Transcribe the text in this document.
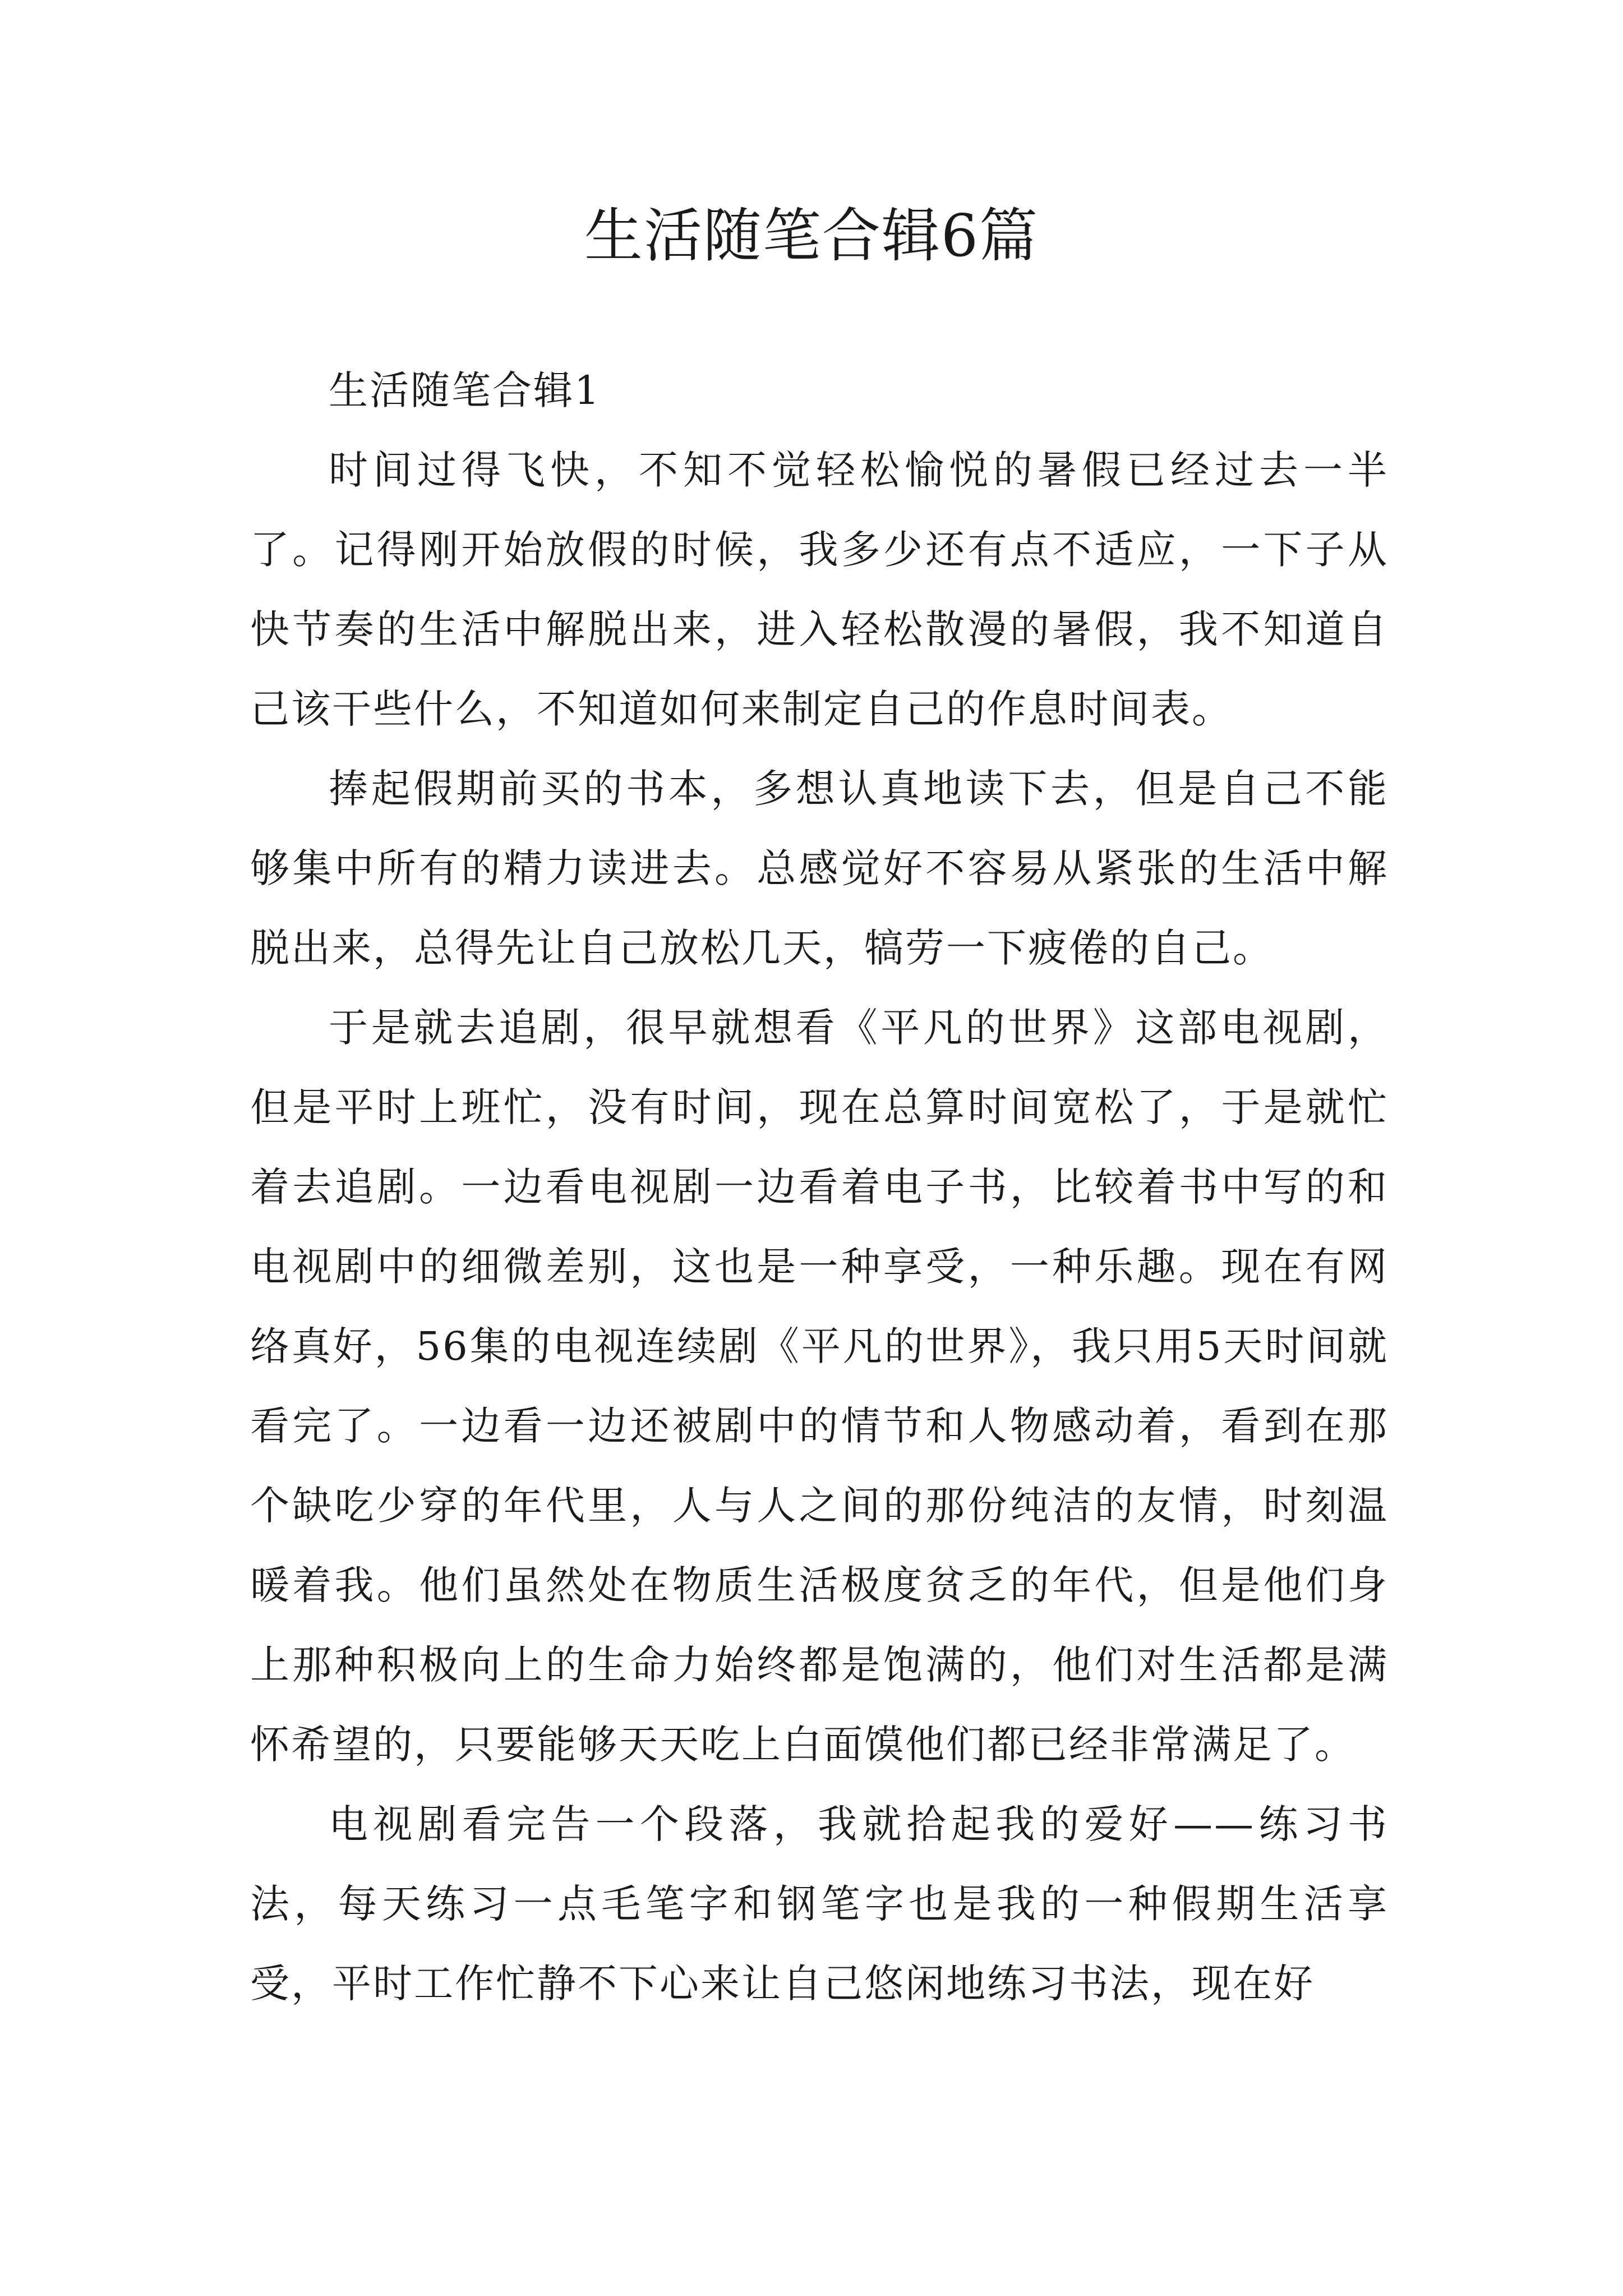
生活随笔合辑6篇

生活随笔合辑1

时间过得飞快，不知不觉轻松愉悦的暑假已经过去一半了。记得刚开始放假的时候，我多少还有点不适应，一下子从快节奏的生活中解脱出来，进入轻松散漫的暑假，我不知道自己该干些什么，不知道如何来制定自己的作息时间表。

捧起假期前买的书本，多想认真地读下去，但是自己不能够集中所有的精力读进去。总感觉好不容易从紧张的生活中解脱出来，总得先让自己放松几天，犒劳一下疲倦的自己。

于是就去追剧，很早就想看《平凡的世界》这部电视剧，但是平时上班忙，没有时间，现在总算时间宽松了，于是就忙着去追剧。一边看电视剧一边看着电子书，比较着书中写的和电视剧中的细微差别，这也是一种享受，一种乐趣。现在有网络真好，56集的电视连续剧《平凡的世界》，我只用5天时间就看完了。一边看一边还被剧中的情节和人物感动着，看到在那个缺吃少穿的年代里，人与人之间的那份纯洁的友情，时刻温暖着我。他们虽然处在物质生活极度贫乏的年代，但是他们身上那种积极向上的生命力始终都是饱满的，他们对生活都是满怀希望的，只要能够天天吃上白面馍他们都已经非常满足了。

电视剧看完告一个段落，我就拾起我的爱好——练习书法，每天练习一点毛笔字和钢笔字也是我的一种假期生活享受，平时工作忙静不下心来让自己悠闲地练习书法，现在好
